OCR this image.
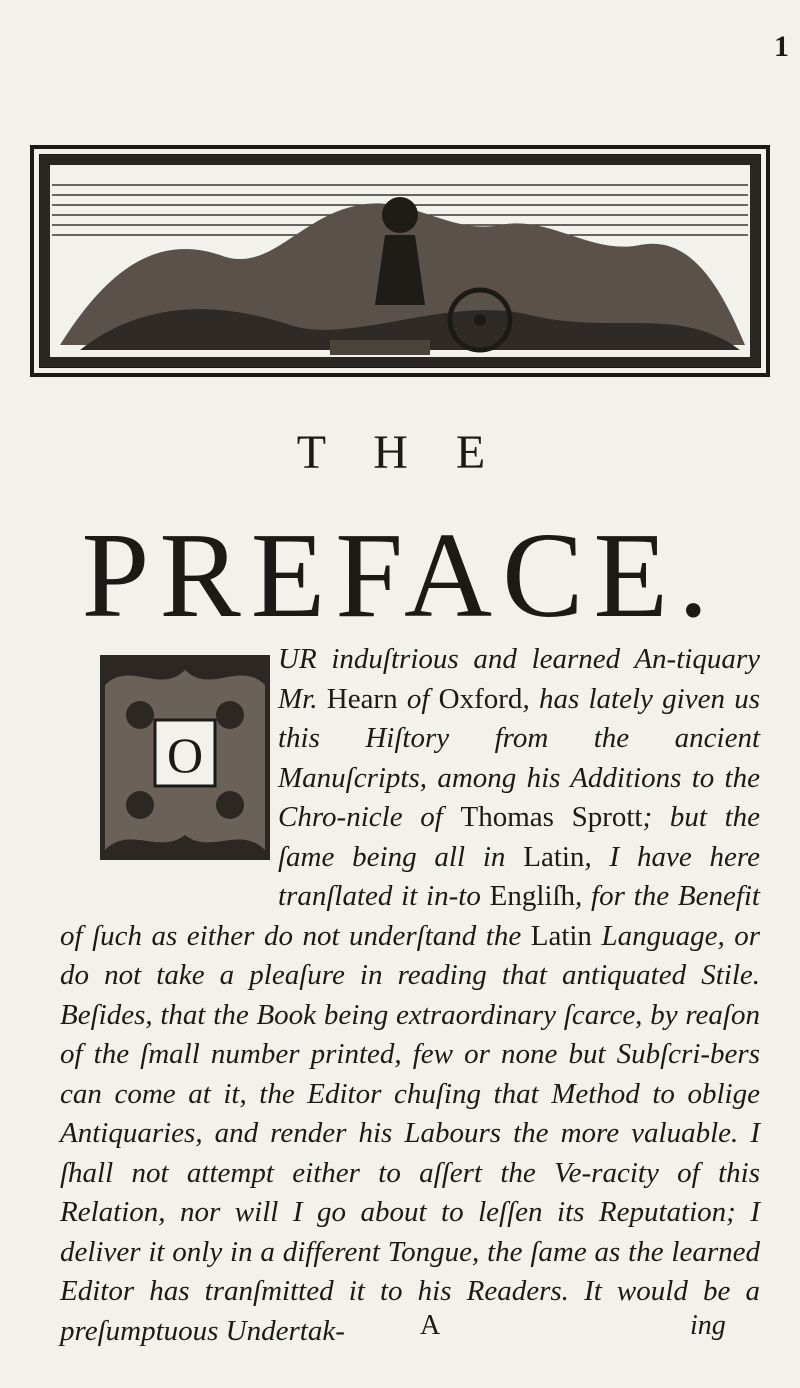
1
T H E
PREFACE.
O
UR induſtrious and learned An-tiquary Mr. Hearn of Oxford, has lately given us this Hiſtory from the ancient Manuſcripts, among his Additions to the Chro-nicle of Thomas Sprott; but the ſame being all in Latin, I have here tranſlated it in-to Engliſh, for the Benefit of ſuch as either do not underſtand the Latin Language, or do not take a pleaſure in reading that antiquated Stile. Beſides, that the Book being extraordinary ſcarce, by reaſon of the ſmall number printed, few or none but Subſcri-bers can come at it, the Editor chuſing that Method to oblige Antiquaries, and render his Labours the more valuable. I ſhall not attempt either to aſſert the Ve-racity of this Relation, nor will I go about to leſſen its Reputation; I deliver it only in a different Tongue, the ſame as the learned Editor has tranſmitted it to his Readers. It would be a preſumptuous Undertak-	A	ing
